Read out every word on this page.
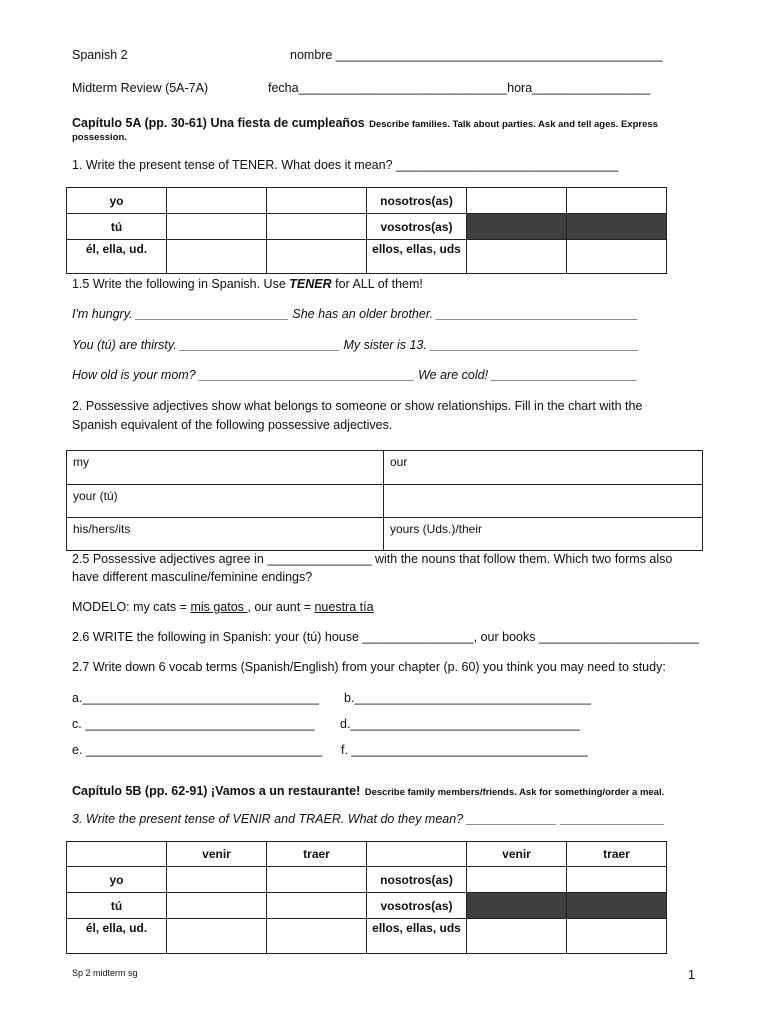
Spanish 2	nombre _______________________________________________
Midterm Review (5A-7A)	fecha______________________________hora_________________
Capítulo 5A (pp. 30-61) Una fiesta de cumpleaños Describe families. Talk about parties. Ask and tell ages. Express
possession.
1. Write the present tense of TENER. What does it mean? ________________________________
yo			nosotros(as)		
tú			vosotros(as)		
él, ella, ud.			ellos, ellas, uds		
1.5 Write the following in Spanish. Use TENER for ALL of them!
I'm hungry. ______________________ She has an older brother. _____________________________
You (tú) are thirsty. _______________________ My sister is 13. ______________________________
How old is your mom? _______________________________ We are cold! _____________________
2. Possessive adjectives show what belongs to someone or show relationships. Fill in the chart with the
Spanish equivalent of the following possessive adjectives.
my	our
your (tú)	
his/hers/its	yours (Uds.)/their
2.5 Possessive adjectives agree in _______________ with the nouns that follow them. Which two forms also
have different masculine/feminine endings?
MODELO: my cats = mis gatos , our aunt = nuestra tía
2.6 WRITE the following in Spanish: your (tú) house ________________, our books _______________________
2.7 Write down 6 vocab terms (Spanish/English) from your chapter (p. 60) you think you may need to study:
a.__________________________________ b.__________________________________
c. _________________________________ d._________________________________
e. __________________________________ f. __________________________________
Capítulo 5B (pp. 62-91) ¡Vamos a un restaurante! Describe family members/friends. Ask for something/order a meal.
3. Write the present tense of VENIR and TRAER. What do they mean? _____________ _______________
	venir	traer		venir	traer
yo			nosotros(as)		
tú			vosotros(as)		
él, ella, ud.			ellos, ellas, uds		
Sp 2 midterm sg	1
